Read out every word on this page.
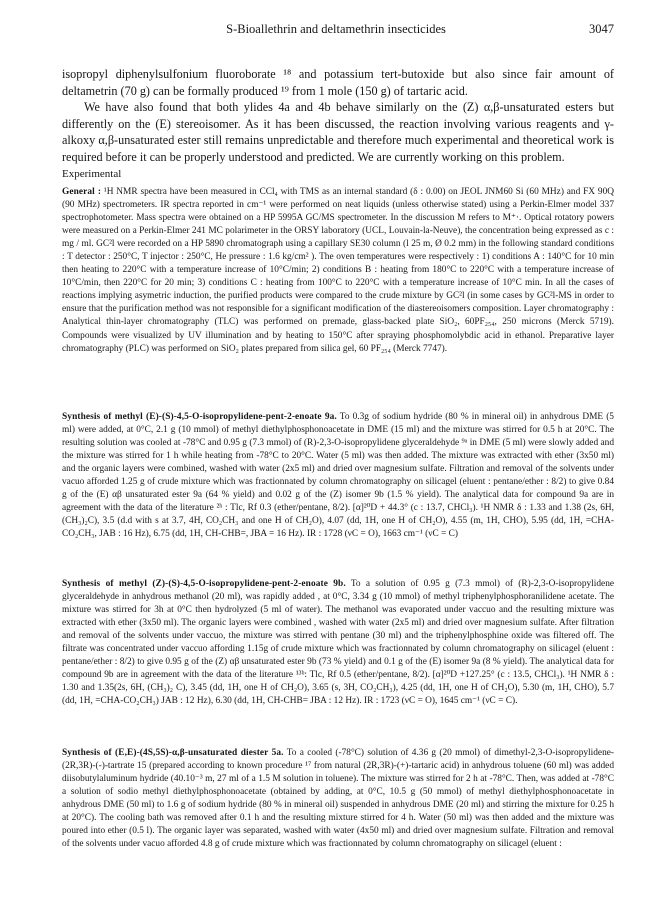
S-Bioallethrin and deltamethrin insecticides	3047

isopropyl diphenylsulfonium fluoroborate ¹⁸ and potassium tert-butoxide but also since fair amount of deltametrin (70 g) can be formally produced ¹⁹ from 1 mole (150 g) of tartaric acid.

We have also found that both ylides 4a and 4b behave similarly on the (Z) α,β-unsaturated esters but differently on the (E) stereoisomer. As it has been discussed, the reaction involving various reagents and γ-alkoxy α,β-unsaturated ester still remains unpredictable and therefore much experimental and theoretical work is required before it can be properly understood and predicted. We are currently working on this problem.

Experimental

General : ¹H NMR spectra have been measured in CCl₄ with TMS as an internal standard (δ : 0.00) on JEOL JNM60 Si (60 MHz) and FX 90Q (90 MHz) spectrometers. IR spectra reported in cm⁻¹ were performed on neat liquids (unless otherwise stated) using a Perkin-Elmer model 337 spectrophotometer. Mass spectra were obtained on a HP 5995A GC/MS spectrometer. In the discussion M refers to M⁺·. Optical rotatory powers were measured on a Perkin-Elmer 241 MC polarimeter in the ORSY laboratory (UCL, Louvain-la-Neuve), the concentration being expressed as c : mg / ml. GC²l were recorded on a HP 5890 chromatograph using a capillary SE30 column (l 25 m, Ø 0.2 mm) in the following standard conditions : T detector : 250°C, T injector : 250°C, He pressure : 1.6 kg/cm² ). The oven temperatures were respectively : 1) conditions A : 140°C for 10 min then heating to 220°C with a temperature increase of 10°C/min; 2) conditions B : heating from 180°C to 220°C with a temperature increase of 10°C/min, then 220°C for 20 min; 3) conditions C : heating from 100°C to 220°C with a temperature increase of 10°C min. In all the cases of reactions implying asymetric induction, the purified products were compared to the crude mixture by GC²l (in some cases by GC²l-MS in order to ensure that the purification method was not responsible for a significant modification of the diastereoisomers composition. Layer chromatography : Analytical thin-layer chromatography (TLC) was performed on premade, glass-backed plate SiO₂, 60PF₂₅₄, 250 microns (Merck 5719). Compounds were visualized by UV illumination and by heating to 150°C after spraying phosphomolybdic acid in ethanol. Preparative layer chromatography (PLC) was performed on SiO₂ plates prepared from silica gel, 60 PF₂₅₄ (Merck 7747).

Synthesis of methyl (E)-(S)-4,5-O-isopropylidene-pent-2-enoate 9a. To 0.3g of sodium hydride (80 % in mineral oil) in anhydrous DME (5 ml) were added, at 0°C, 2.1 g (10 mmol) of methyl diethylphosphonoacetate in DME (15 ml) and the mixture was stirred for 0.5 h at 20°C. The resulting solution was cooled at -78°C and 0.95 g (7.3 mmol) of (R)-2,3-O-isopropylidene glyceraldehyde ⁹ᵃ in DME (5 ml) were slowly added and the mixture was stirred for 1 h while heating from -78°C to 20°C. Water (5 ml) was then added. The mixture was extracted with ether (3x50 ml) and the organic layers were combined, washed with water (2x5 ml) and dried over magnesium sulfate. Filtration and removal of the solvents under vacuo afforded 1.25 g of crude mixture which was fractionnated by column chromatography on silicagel (eluent : pentane/ether : 8/2) to give 0.84 g of the (E) αβ unsaturated ester 9a (64 % yield) and 0.02 g of the (Z) isomer 9b (1.5 % yield). The analytical data for compound 9a are in agreement with the data of the literature ²ʰ : Tlc, Rf 0.3 (ether/pentane, 8/2). [α]²⁰D + 44.3° (c : 13.7, CHCl₃). ¹H NMR δ : 1.33 and 1.38 (2s, 6H, (CH₃)₂C), 3.5 (d.d with s at 3.7, 4H, CO₂CH₃ and one H of CH₂O), 4.07 (dd, 1H, one H of CH₂O), 4.55 (m, 1H, CHO), 5.95 (dd, 1H, =CHA-CO₂CH₃, JAB : 16 Hz), 6.75 (dd, 1H, CH-CHB=, JBA = 16 Hz). IR : 1728 (νC = O), 1663 cm⁻¹ (νC = C)

Synthesis of methyl (Z)-(S)-4,5-O-isopropylidene-pent-2-enoate 9b. To a solution of 0.95 g (7.3 mmol) of (R)-2,3-O-isopropylidene glyceraldehyde in anhydrous methanol (20 ml), was rapidly added , at 0°C, 3.34 g (10 mmol) of methyl triphenylphosphoranilidene acetate. The mixture was stirred for 3h at 0°C then hydrolyzed (5 ml of water). The methanol was evaporated under vaccuo and the resulting mixture was extracted with ether (3x50 ml). The organic layers were combined , washed with water (2x5 ml) and dried over magnesium sulfate. After filtration and removal of the solvents under vaccuo, the mixture was stirred with pentane (30 ml) and the triphenylphosphine oxide was filtered off. The filtrate was concentrated under vaccuo affording 1.15g of crude mixture which was fractionnated by column chromatography on silicagel (eluent : pentane/ether : 8/2) to give 0.95 g of the (Z) αβ unsaturated ester 9b (73 % yield) and 0.1 g of the (E) isomer 9a (8 % yield). The analytical data for compound 9b are in agreement with the data of the literature ¹³ᵇ: Tlc, Rf 0.5 (ether/pentane, 8/2). [α]²⁰D +127.25° (c : 13.5, CHCl₃). ¹H NMR δ : 1.30 and 1.35(2s, 6H, (CH₃)₂ C), 3.45 (dd, 1H, one H of CH₂O), 3.65 (s, 3H, CO₂CH₃), 4.25 (dd, 1H, one H of CH₂O), 5.30 (m, 1H, CHO), 5.7 (dd, 1H, =CHA-CO₂CH₃) JAB : 12 Hz), 6.30 (dd, 1H, CH-CHB= JBA : 12 Hz). IR : 1723 (νC = O), 1645 cm⁻¹ (νC = C).

Synthesis of (E,E)-(4S,5S)-α,β-unsaturated diester 5a. To a cooled (-78°C) solution of 4.36 g (20 mmol) of dimethyl-2,3-O-isopropylidene-(2R,3R)-(-)-tartrate 15 (prepared according to known procedure ¹⁷ from natural (2R,3R)-(+)-tartaric acid) in anhydrous toluene (60 ml) was added diisobutylaluminum hydride (40.10⁻³ m, 27 ml of a 1.5 M solution in toluene). The mixture was stirred for 2 h at -78°C. Then, was added at -78°C a solution of sodio methyl diethylphosphonoacetate (obtained by adding, at 0°C, 10.5 g (50 mmol) of methyl diethylphosphonoacetate in anhydrous DME (50 ml) to 1.6 g of sodium hydride (80 % in mineral oil) suspended in anhydrous DME (20 ml) and stirring the mixture for 0.25 h at 20°C). The cooling bath was removed after 0.1 h and the resulting mixture stirred for 4 h. Water (50 ml) was then added and the mixture was poured into ether (0.5 l). The organic layer was separated, washed with water (4x50 ml) and dried over magnesium sulfate. Filtration and removal of the solvents under vacuo afforded 4.8 g of crude mixture which was fractionnated by column chromatography on silicagel (eluent :
